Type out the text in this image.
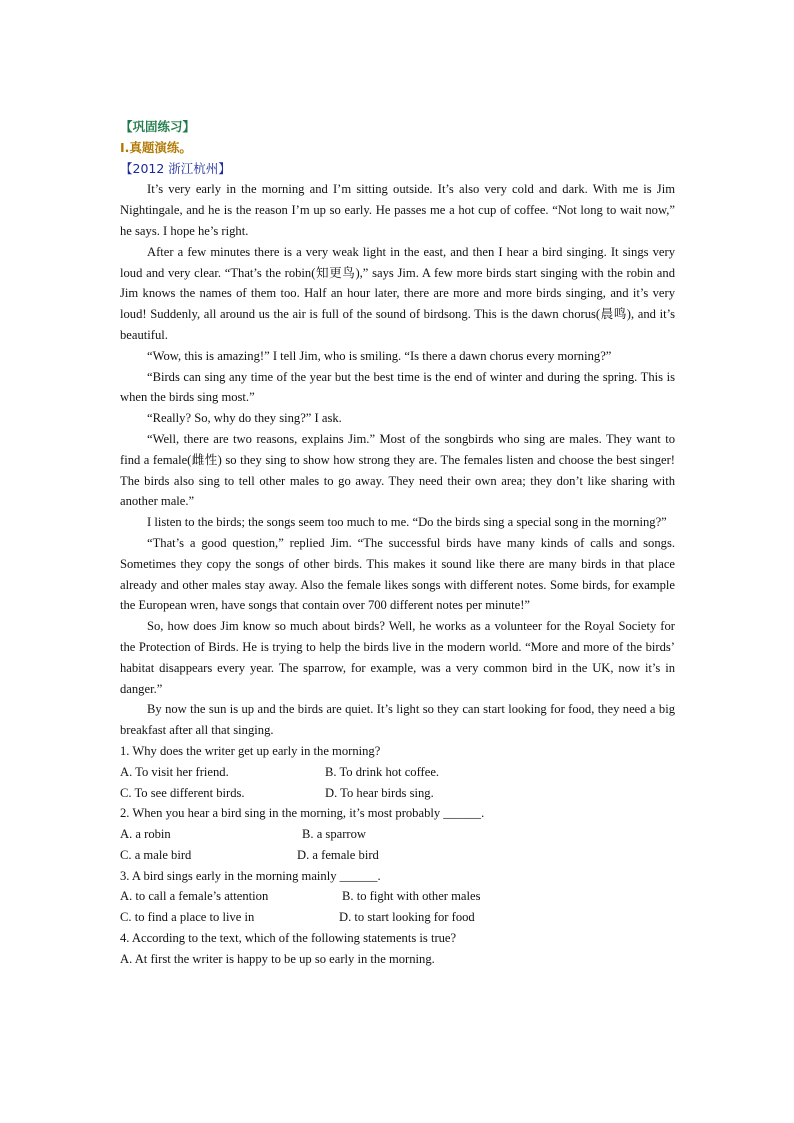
【巩固练习】
I.真题演练。
【2012 浙江杭州】

It’s very early in the morning and I’m sitting outside. It’s also very cold and dark. With me is Jim Nightingale, and he is the reason I’m up so early. He passes me a hot cup of coffee. “Not long to wait now,” he says. I hope he’s right.

After a few minutes there is a very weak light in the east, and then I hear a bird singing. It sings very loud and very clear. “That’s the robin(知更鸟),” says Jim. A few more birds start singing with the robin and Jim knows the names of them too. Half an hour later, there are more and more birds singing, and it’s very loud! Suddenly, all around us the air is full of the sound of birdsong. This is the dawn chorus(晨鸣), and it’s beautiful.

“Wow, this is amazing!” I tell Jim, who is smiling. “Is there a dawn chorus every morning?”

“Birds can sing any time of the year but the best time is the end of winter and during the spring. This is when the birds sing most.”

“Really? So, why do they sing?” I ask.

“Well, there are two reasons, explains Jim.” Most of the songbirds who sing are males. They want to find a female(雌性) so they sing to show how strong they are. The females listen and choose the best singer! The birds also sing to tell other males to go away. They need their own area; they don’t like sharing with another male.”

I listen to the birds; the songs seem too much to me. “Do the birds sing a special song in the morning?”

“That’s a good question,” replied Jim. “The successful birds have many kinds of calls and songs. Sometimes they copy the songs of other birds. This makes it sound like there are many birds in that place already and other males stay away. Also the female likes songs with different notes. Some birds, for example the European wren, have songs that contain over 700 different notes per minute!”

So, how does Jim know so much about birds? Well, he works as a volunteer for the Royal Society for the Protection of Birds. He is trying to help the birds live in the modern world. “More and more of the birds’ habitat disappears every year. The sparrow, for example, was a very common bird in the UK, now it’s in danger.”

By now the sun is up and the birds are quiet. It’s light so they can start looking for food, they need a big breakfast after all that singing.

1. Why does the writer get up early in the morning?

A. To visit her friend.	B. To drink hot coffee.
C. To see different birds.	D. To hear birds sing.

2. When you hear a bird sing in the morning, it’s most probably ______.

A. a robin	B. a sparrow
C. a male bird	D. a female bird

3. A bird sings early in the morning mainly ______.

A. to call a female’s attention	B. to fight with other males
C. to find a place to live in	D. to start looking for food

4. According to the text, which of the following statements is true?

A. At first the writer is happy to be up so early in the morning.
